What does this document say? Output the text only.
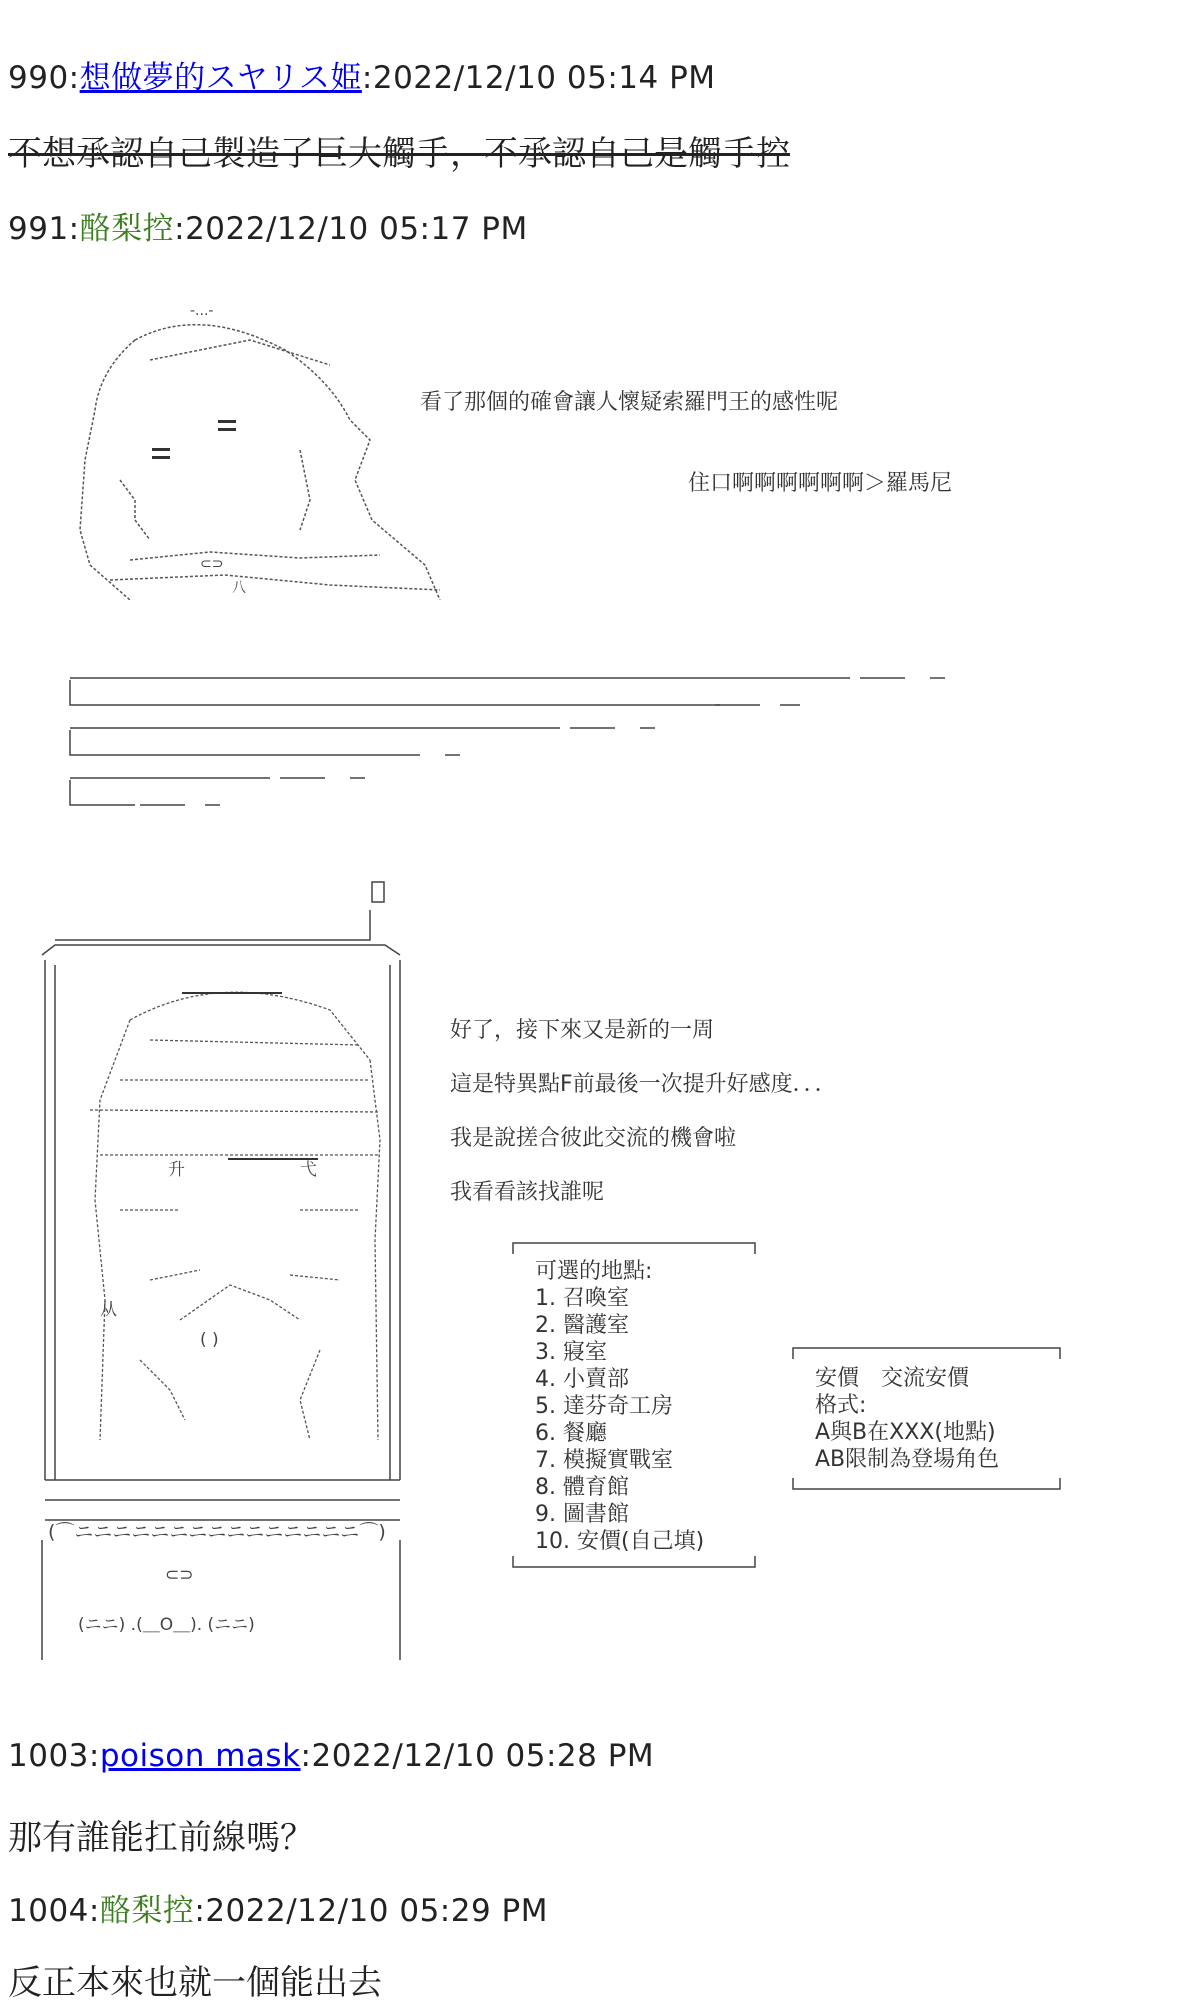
990:想做夢的スヤリス姫:2022/12/10 05:14 PM
不想承認自己製造了巨大觸手，不承認自己是觸手控
991:酪梨控:2022/12/10 05:17 PM
-...-
⊂⊃
八
看了那個的確會讓人懷疑索羅門王的感性呢
住口啊啊啊啊啊啊＞羅馬尼
升	弋
从
( )
⊂⊃
(ニニ) .(＿O＿). (ニニ)
(⌒ニニニニニニニニニニニニニニニ⌒)
好了，接下來又是新的一周
這是特異點F前最後一次提升好感度．．．
我是說搓合彼此交流的機會啦
我看看該找誰呢
可選的地點:
1. 召喚室
2. 醫護室
3. 寢室
4. 小賣部
5. 達芬奇工房
6. 餐廳
7. 模擬實戰室
8. 體育館
9. 圖書館
10. 安價(自己填)
安價　交流安價
格式:
A與B在XXX(地點)
AB限制為登場角色
1003:poison mask:2022/12/10 05:28 PM
那有誰能扛前線嗎？
1004:酪梨控:2022/12/10 05:29 PM
反正本來也就一個能出去
